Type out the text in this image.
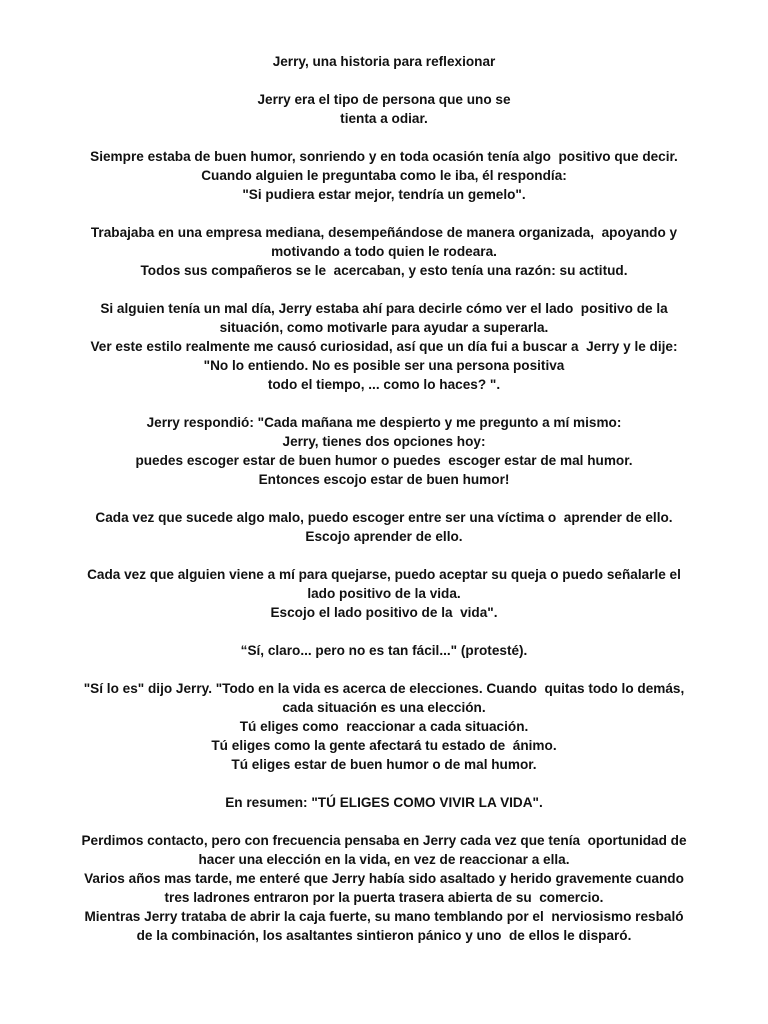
Jerry, una historia para reflexionar
Jerry era el tipo de persona que uno se
tienta a odiar.
Siempre estaba de buen humor, sonriendo y en toda ocasión tenía algo  positivo que decir.
Cuando alguien le preguntaba como le iba, él respondía:
"Si pudiera estar mejor, tendría un gemelo".
Trabajaba en una empresa mediana, desempeñándose de manera organizada,  apoyando y
motivando a todo quien le rodeara.
Todos sus compañeros se le  acercaban, y esto tenía una razón: su actitud.
Si alguien tenía un mal día, Jerry estaba ahí para decirle cómo ver el lado  positivo de la
situación, como motivarle para ayudar a superarla.
Ver este estilo realmente me causó curiosidad, así que un día fui a buscar a  Jerry y le dije:
"No lo entiendo. No es posible ser una persona positiva
todo el tiempo, ... como lo haces? ".
Jerry respondió: "Cada mañana me despierto y me pregunto a mí mismo:
Jerry, tienes dos opciones hoy:
puedes escoger estar de buen humor o puedes  escoger estar de mal humor.
Entonces escojo estar de buen humor!
Cada vez que sucede algo malo, puedo escoger entre ser una víctima o  aprender de ello.
Escojo aprender de ello.
Cada vez que alguien viene a mí para quejarse, puedo aceptar su queja o puedo señalarle el
lado positivo de la vida.
Escojo el lado positivo de la  vida".
“Sí, claro... pero no es tan fácil..." (protesté).
"Sí lo es" dijo Jerry. "Todo en la vida es acerca de elecciones. Cuando  quitas todo lo demás,
cada situación es una elección.
Tú eliges como  reaccionar a cada situación.
Tú eliges como la gente afectará tu estado de  ánimo.
Tú eliges estar de buen humor o de mal humor.
En resumen: "TÚ ELIGES COMO VIVIR LA VIDA".
Perdimos contacto, pero con frecuencia pensaba en Jerry cada vez que tenía  oportunidad de
hacer una elección en la vida, en vez de reaccionar a ella.
Varios años mas tarde, me enteré que Jerry había sido asaltado y herido gravemente cuando
tres ladrones entraron por la puerta trasera abierta de su  comercio.
Mientras Jerry trataba de abrir la caja fuerte, su mano temblando por el  nerviosismo resbaló
de la combinación, los asaltantes sintieron pánico y uno  de ellos le disparó.
